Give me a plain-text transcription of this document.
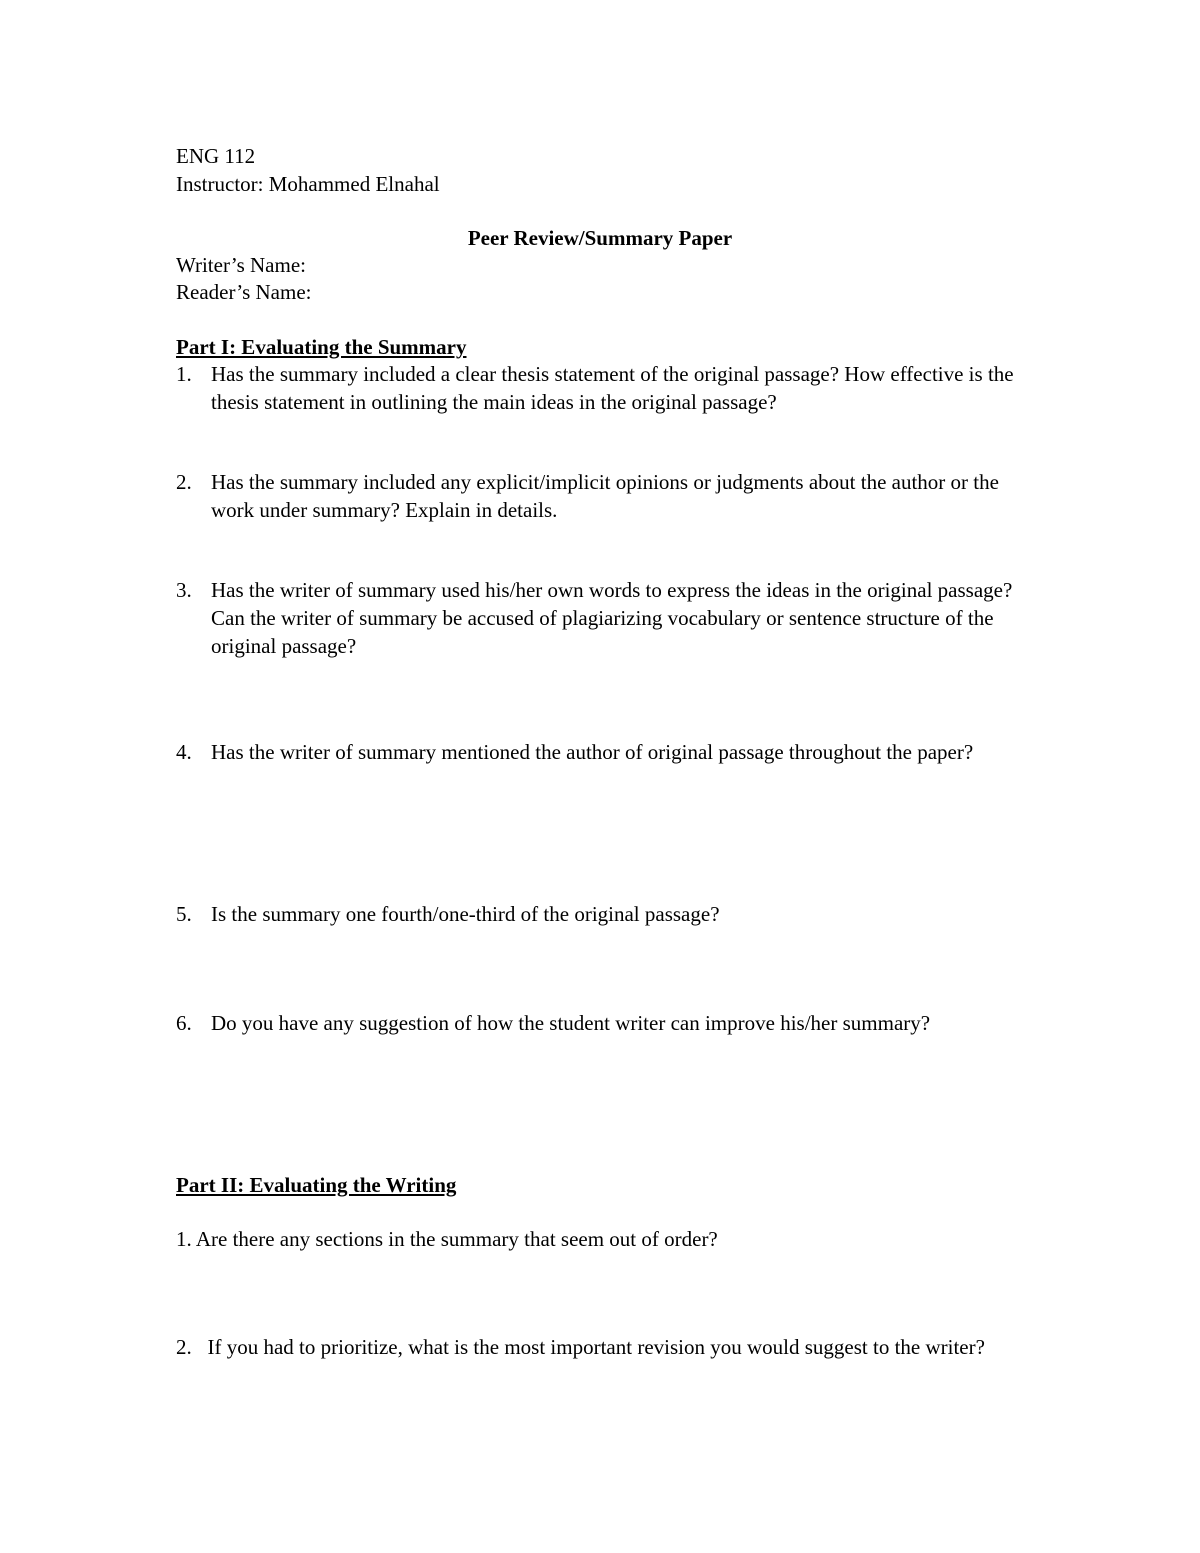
ENG 112
Instructor: Mohammed Elnahal
Peer Review/Summary Paper
Writer’s Name:
Reader’s Name:
Part I: Evaluating the Summary
1. Has the summary included a clear thesis statement of the original passage? How effective is the thesis statement in outlining the main ideas in the original passage?
2. Has the summary included any explicit/implicit opinions or judgments about the author or the work under summary? Explain in details.
3. Has the writer of summary used his/her own words to express the ideas in the original passage? Can the writer of summary be accused of plagiarizing vocabulary or sentence structure of the original passage?
4. Has the writer of summary mentioned the author of original passage throughout the paper?
5. Is the summary one fourth/one-third of the original passage?
6. Do you have any suggestion of how the student writer can improve his/her summary?
Part II: Evaluating the Writing
1. Are there any sections in the summary that seem out of order?
2.   If you had to prioritize, what is the most important revision you would suggest to the writer?
